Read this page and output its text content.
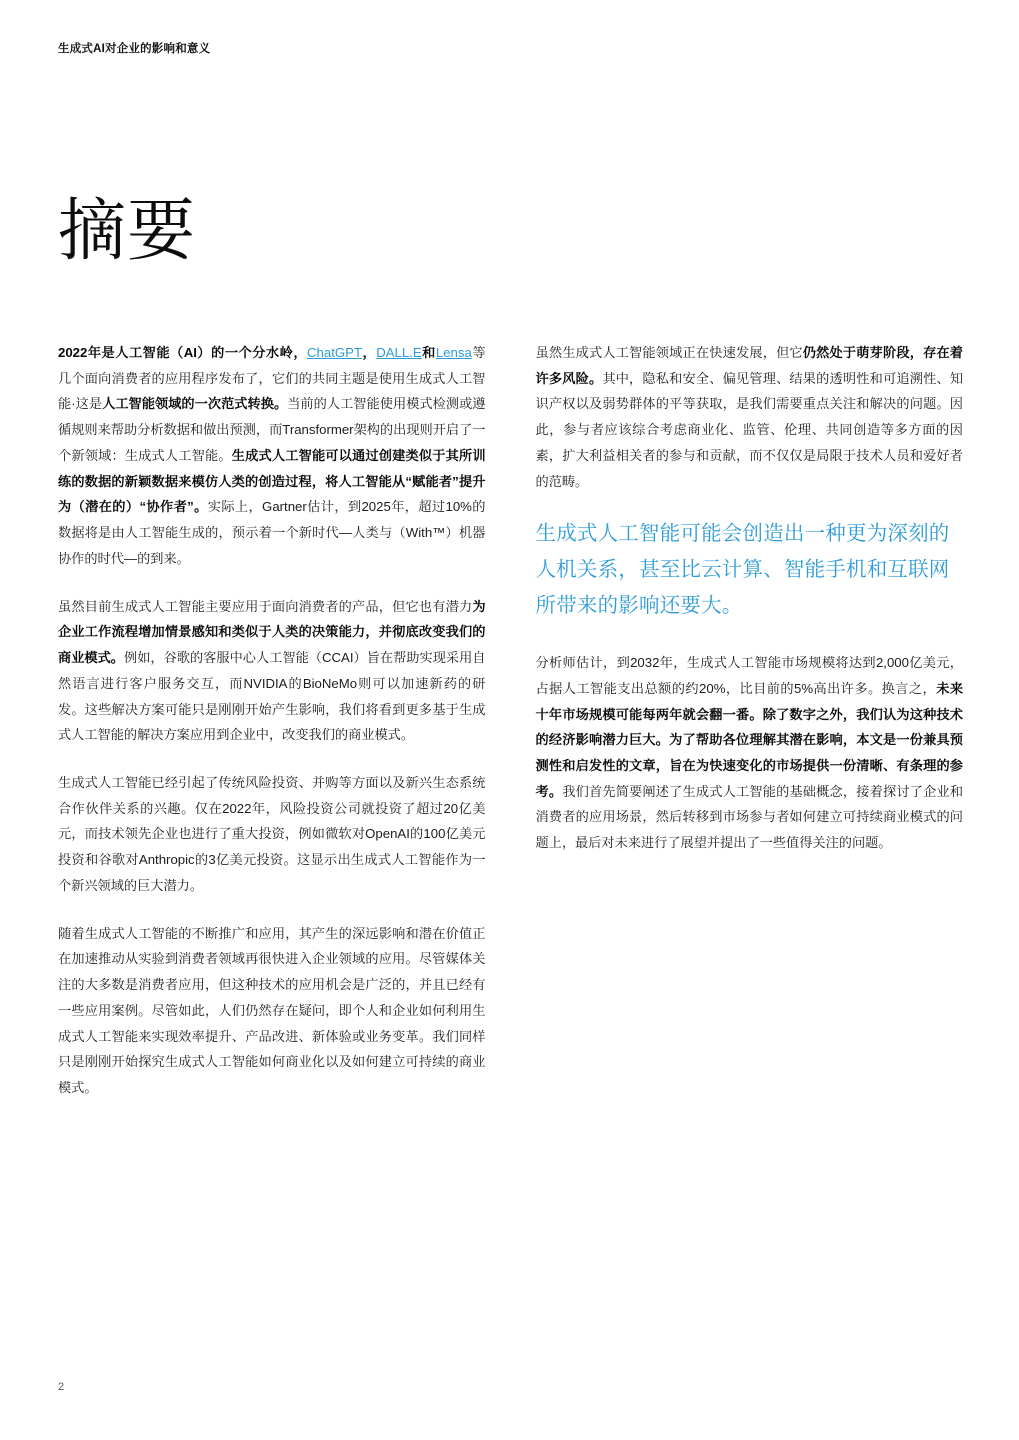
生成式AI对企业的影响和意义
摘要

2022年是人工智能（AI）的一个分水岭，ChatGPT，DALL.E和Lensa等几个面向消费者的应用程序发布了，它们的共同主题是使用生成式人工智能·这是人工智能领域的一次范式转换。当前的人工智能使用模式检测或遵循规则来帮助分析数据和做出预测，而Transformer架构的出现则开启了一个新领域：生成式人工智能。生成式人工智能可以通过创建类似于其所训练的数据的新颖数据来模仿人类的创造过程，将人工智能从“赋能者”提升为（潜在的）“协作者”。实际上，Gartner估计，到2025年，超过10%的数据将是由人工智能生成的，预示着一个新时代—人类与（With™）机器协作的时代—的到来。

虽然目前生成式人工智能主要应用于面向消费者的产品，但它也有潜力为企业工作流程增加情景感知和类似于人类的决策能力，并彻底改变我们的商业模式。例如，谷歌的客服中心人工智能（CCAI）旨在帮助实现采用自然语言进行客户服务交互，而NVIDIA的BioNeMo则可以加速新药的研发。这些解决方案可能只是刚刚开始产生影响，我们将看到更多基于生成式人工智能的解决方案应用到企业中，改变我们的商业模式。

生成式人工智能已经引起了传统风险投资、并购等方面以及新兴生态系统合作伙伴关系的兴趣。仅在2022年，风险投资公司就投资了超过20亿美元，而技术领先企业也进行了重大投资，例如微软对OpenAI的100亿美元投资和谷歌对Anthropic的3亿美元投资。这显示出生成式人工智能作为一个新兴领域的巨大潜力。

随着生成式人工智能的不断推广和应用，其产生的深远影响和潜在价值正在加速推动从实验到消费者领域再很快进入企业领域的应用。尽管媒体关注的大多数是消费者应用，但这种技术的应用机会是广泛的，并且已经有一些应用案例。尽管如此，人们仍然存在疑问，即个人和企业如何利用生成式人工智能来实现效率提升、产品改进、新体验或业务变革。我们同样只是刚刚开始探究生成式人工智能如何商业化以及如何建立可持续的商业模式。

虽然生成式人工智能领域正在快速发展，但它仍然处于萌芽阶段，存在着许多风险。其中，隐私和安全、偏见管理、结果的透明性和可追溯性、知识产权以及弱势群体的平等获取，是我们需要重点关注和解决的问题。因此，参与者应该综合考虑商业化、监管、伦理、共同创造等多方面的因素，扩大利益相关者的参与和贡献，而不仅仅是局限于技术人员和爱好者的范畴。

生成式人工智能可能会创造出一种更为深刻的人机关系，甚至比云计算、智能手机和互联网所带来的影响还要大。

分析师估计，到2032年，生成式人工智能市场规模将达到2,000亿美元，占据人工智能支出总额的约20%，比目前的5%高出许多。换言之，未来十年市场规模可能每两年就会翻一番。除了数字之外，我们认为这种技术的经济影响潜力巨大。为了帮助各位理解其潜在影响，本文是一份兼具预测性和启发性的文章，旨在为快速变化的市场提供一份清晰、有条理的参考。我们首先简要阐述了生成式人工智能的基础概念，接着探讨了企业和消费者的应用场景，然后转移到市场参与者如何建立可持续商业模式的问题上，最后对未来进行了展望并提出了一些值得关注的问题。

2
